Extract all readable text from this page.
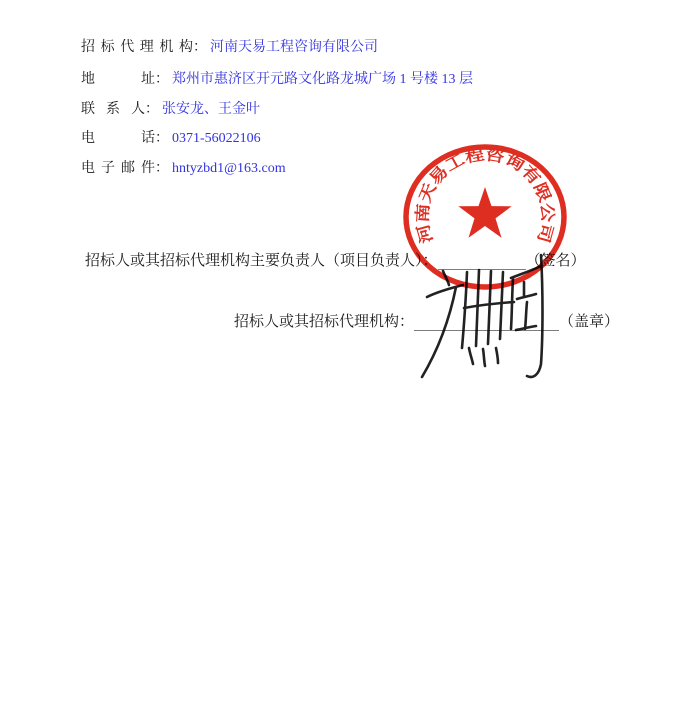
招标代理机构： 河南天易工程咨询有限公司
地址： 郑州市惠济区开元路文化路龙城广场 1 号楼 13 层
联系人： 张安龙、王金叶
电话： 0371-56022106
电子邮件： hntyzbd1@163.com
招标人或其招标代理机构主要负责人（项目负责人）：	（签名）
招标人或其招标代理机构：	（盖章）
河南天易工程咨询有限公司
